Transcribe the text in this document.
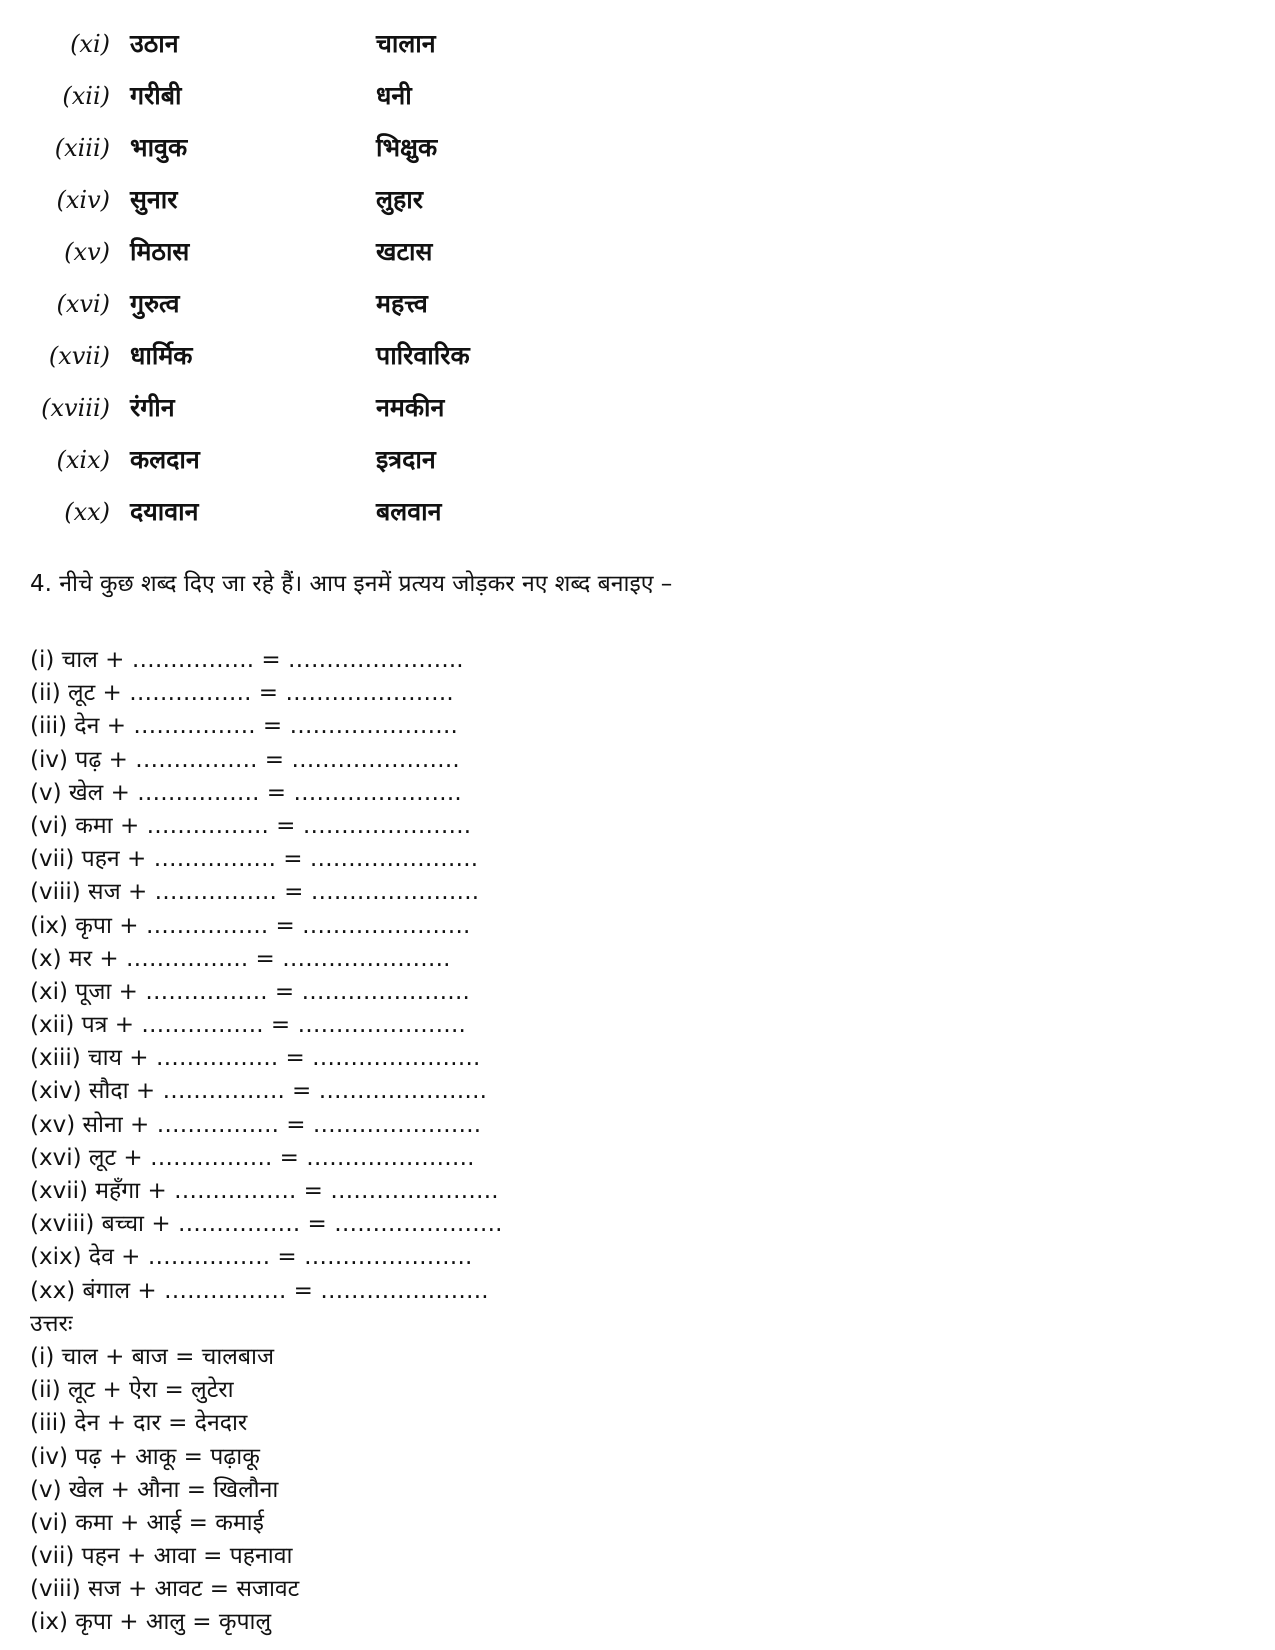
(xi) उठान	चालान
(xii) गरीबी	धनी
(xiii) भावुक	भिक्षुक
(xiv) सुनार	लुहार
(xv) मिठास	खटास
(xvi) गुरुत्व	महत्त्व
(xvii) धार्मिक	पारिवारिक
(xviii) रंगीन	नमकीन
(xix) कलदान	इत्रदान
(xx) दयावान	बलवान
4. नीचे कुछ शब्द दिए जा रहे हैं। आप इनमें प्रत्यय जोड़कर नए शब्द बनाइए –
(i) चाल + ……………. = …………………..
(ii) लूट + ……………. = ………………….
(iii) देन + ……………. = ………………….
(iv) पढ़ + ……………. = ………………….
(v) खेल + ……………. = ………………….
(vi) कमा + ……………. = ………………….
(vii) पहन + ……………. = ………………….
(viii) सज + ……………. = ………………….
(ix) कृपा + ……………. = ………………….
(x) मर + ……………. = ………………….
(xi) पूजा + ……………. = ………………….
(xii) पत्र + ……………. = ………………….
(xiii) चाय + ……………. = ………………….
(xiv) सौदा + ……………. = ………………….
(xv) सोना + ……………. = ………………….
(xvi) लूट + ……………. = ………………….
(xvii) महँगा + ……………. = ………………….
(xviii) बच्चा + ……………. = ………………….
(xix) देव + ……………. = ………………….
(xx) बंगाल + ……………. = ………………….
उत्तरः
(i) चाल + बाज = चालबाज
(ii) लूट + ऐरा = लुटेरा
(iii) देन + दार = देनदार
(iv) पढ़ + आकू = पढ़ाकू
(v) खेल + औना = खिलौना
(vi) कमा + आई = कमाई
(vii) पहन + आवा = पहनावा
(viii) सज + आवट = सजावट
(ix) कृपा + आलु = कृपालु
